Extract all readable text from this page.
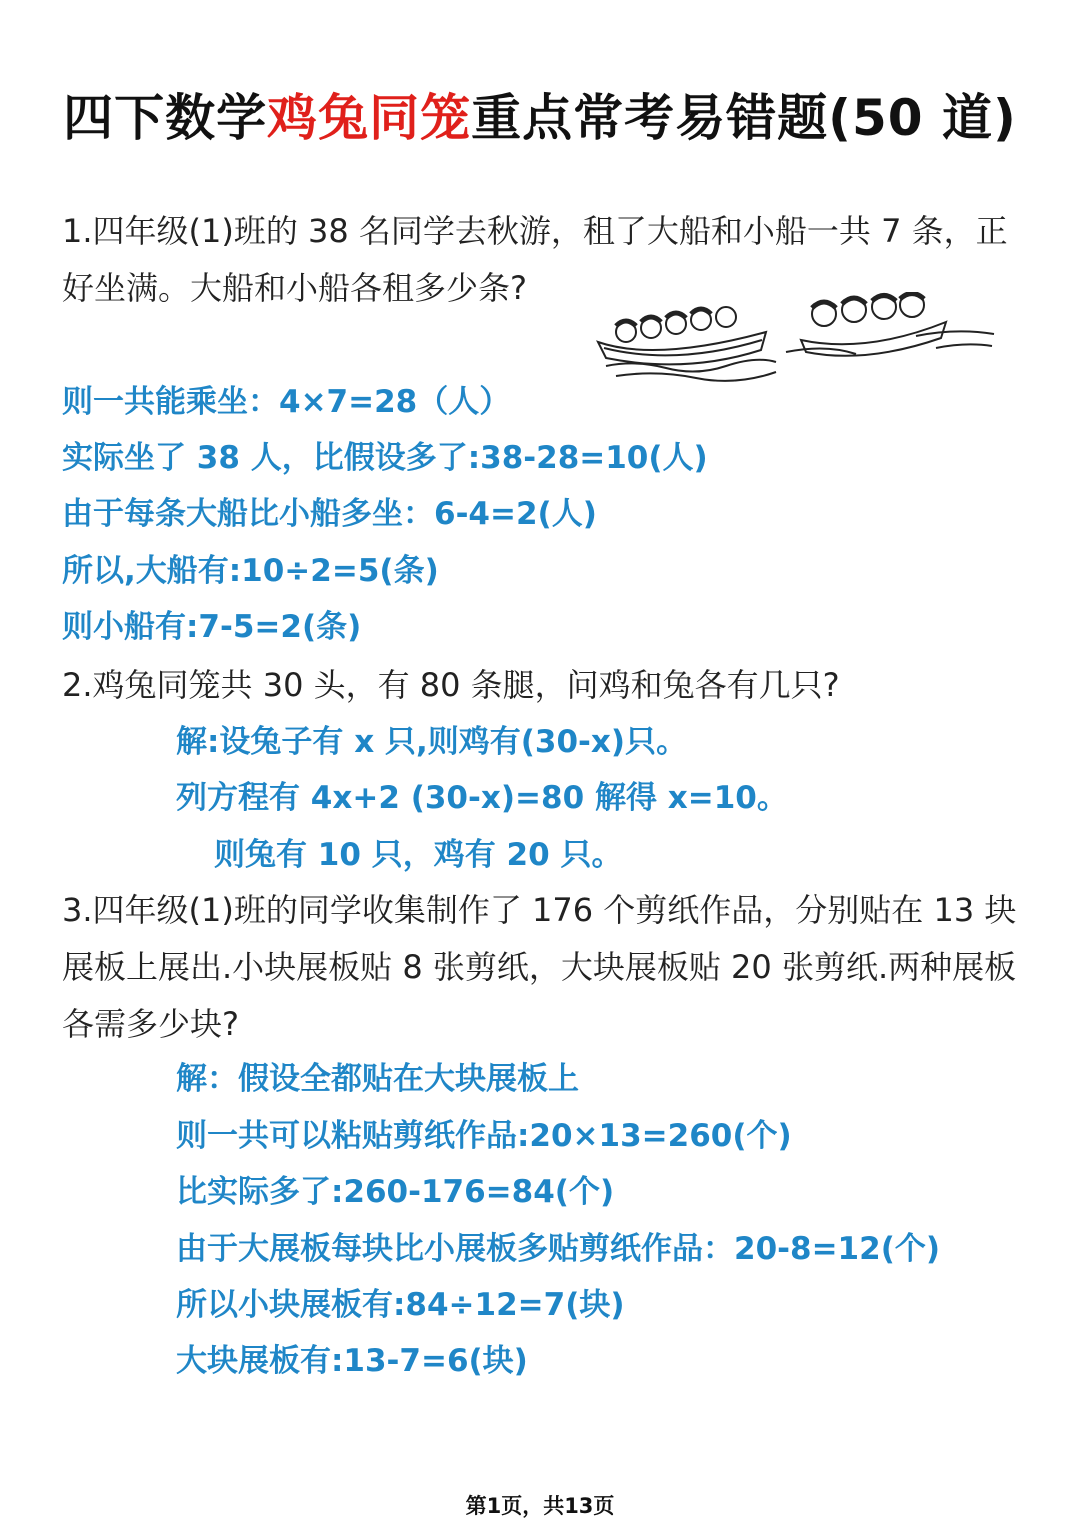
四下数学鸡兔同笼重点常考易错题(50 道)
1.四年级(1)班的 38 名同学去秋游，租了大船和小船一共 7 条，正好坐满。大船和小船各租多少条?
则一共能乘坐：4×7=28（人）
实际坐了 38 人，比假设多了:38-28=10(人)
由于每条大船比小船多坐：6-4=2(人)
所以,大船有:10÷2=5(条)
则小船有:7-5=2(条)
2.鸡兔同笼共 30 头，有 80 条腿，问鸡和兔各有几只?
解:设兔子有 x 只,则鸡有(30-x)只。
列方程有 4x+2 (30-x)=80 解得 x=10。
则兔有 10 只，鸡有 20 只。
3.四年级(1)班的同学收集制作了 176 个剪纸作品，分别贴在 13 块展板上展出.小块展板贴 8 张剪纸，大块展板贴 20 张剪纸.两种展板各需多少块?
解：假设全都贴在大块展板上
则一共可以粘贴剪纸作品:20×13=260(个)
比实际多了:260-176=84(个)
由于大展板每块比小展板多贴剪纸作品：20-8=12(个)
所以小块展板有:84÷12=7(块)
大块展板有:13-7=6(块)
第1页，共13页
